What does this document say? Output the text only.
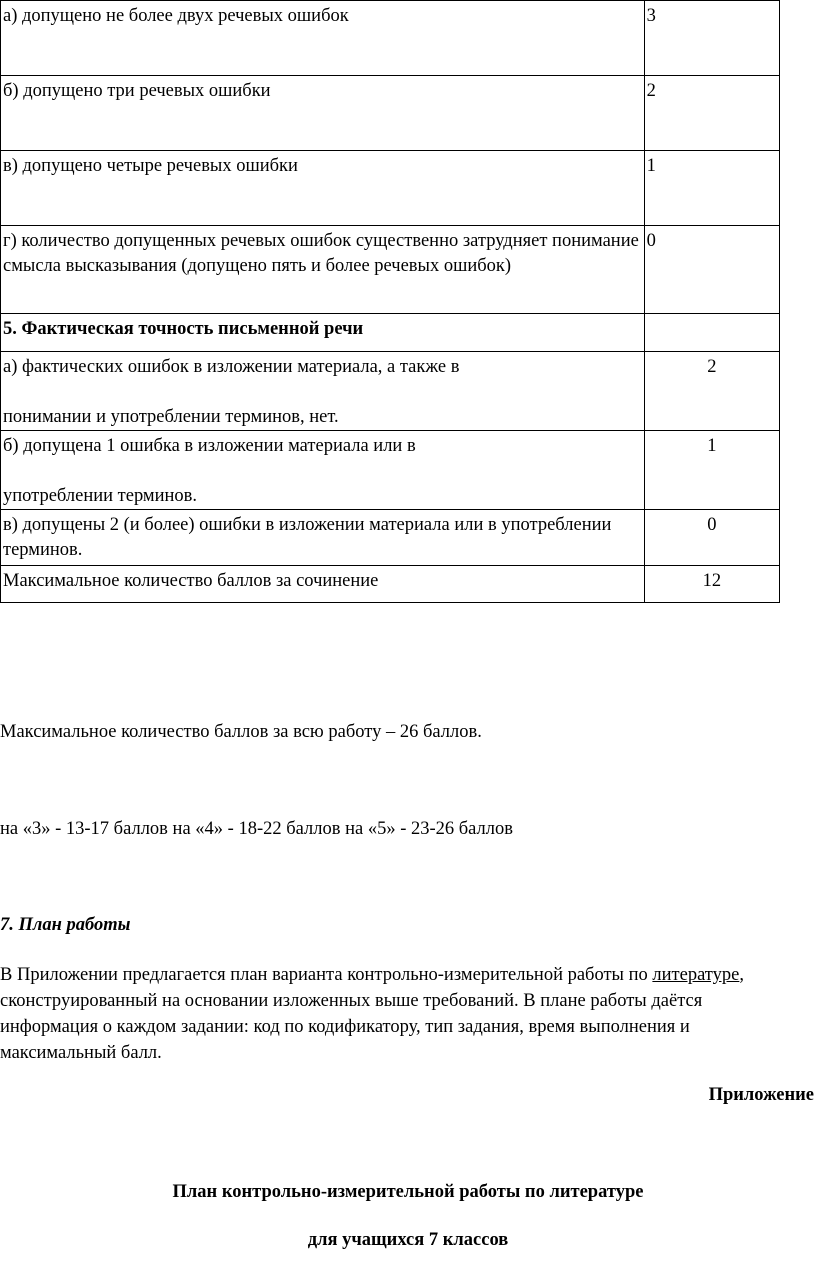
а) допущено не более двух речевых ошибок	3
б) допущено три речевых ошибки	2
в) допущено четыре речевых ошибки	1
г) количество допущенных речевых ошибок существенно затрудняет понимание смысла высказывания (допущено пять и более речевых ошибок)	0
5. Фактическая точность письменной речи	
а) фактических ошибок в изложении материала, а также в
понимании и употреблении терминов, нет.	2
б) допущена 1 ошибка в изложении материала или в
употреблении терминов.	1
в) допущены 2 (и более) ошибки в изложении материала или в употреблении терминов.	0
Максимальное количество баллов за сочинение	12
Максимальное количество баллов за всю работу – 26 баллов.
на «3» - 13-17 баллов на «4» - 18-22 баллов на «5» - 23-26 баллов
7. План работы
В Приложении предлагается план варианта контрольно-измерительной работы по литературе, сконструированный на основании изложенных выше требований. В плане работы даётся информация о каждом задании: код по кодификатору, тип задания, время выполнения и максимальный балл.
Приложение
План контрольно-измерительной работы по литературе
для учащихся 7 классов
